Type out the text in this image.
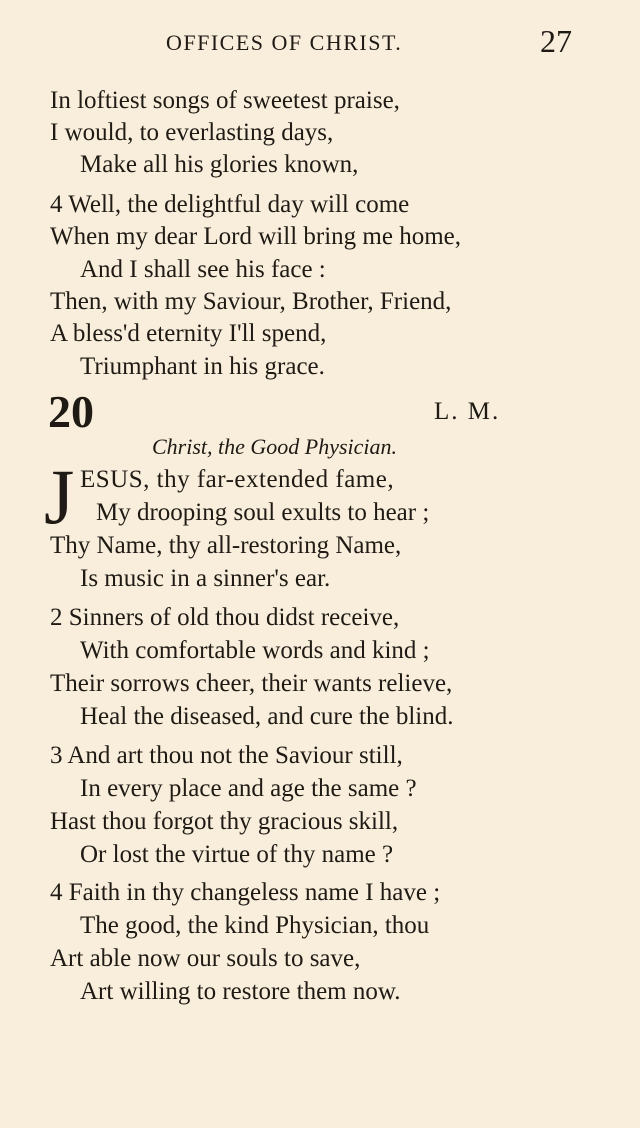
OFFICES OF CHRIST.	27
In loftiest songs of sweetest praise,
I would, to everlasting days,
Make all his glories known,
4 Well, the delightful day will come
When my dear Lord will bring me home,
And I shall see his face :
Then, with my Saviour, Brother, Friend,
A bless'd eternity I'll spend,
Triumphant in his grace.
20	L. M.
Christ, the Good Physician.
J ESUS, thy far-extended fame,
My drooping soul exults to hear ;
Thy Name, thy all-restoring Name,
Is music in a sinner's ear.
2 Sinners of old thou didst receive,
With comfortable words and kind ;
Their sorrows cheer, their wants relieve,
Heal the diseased, and cure the blind.
3 And art thou not the Saviour still,
In every place and age the same ?
Hast thou forgot thy gracious skill,
Or lost the virtue of thy name ?
4 Faith in thy changeless name I have ;
The good, the kind Physician, thou
Art able now our souls to save,
Art willing to restore them now.
